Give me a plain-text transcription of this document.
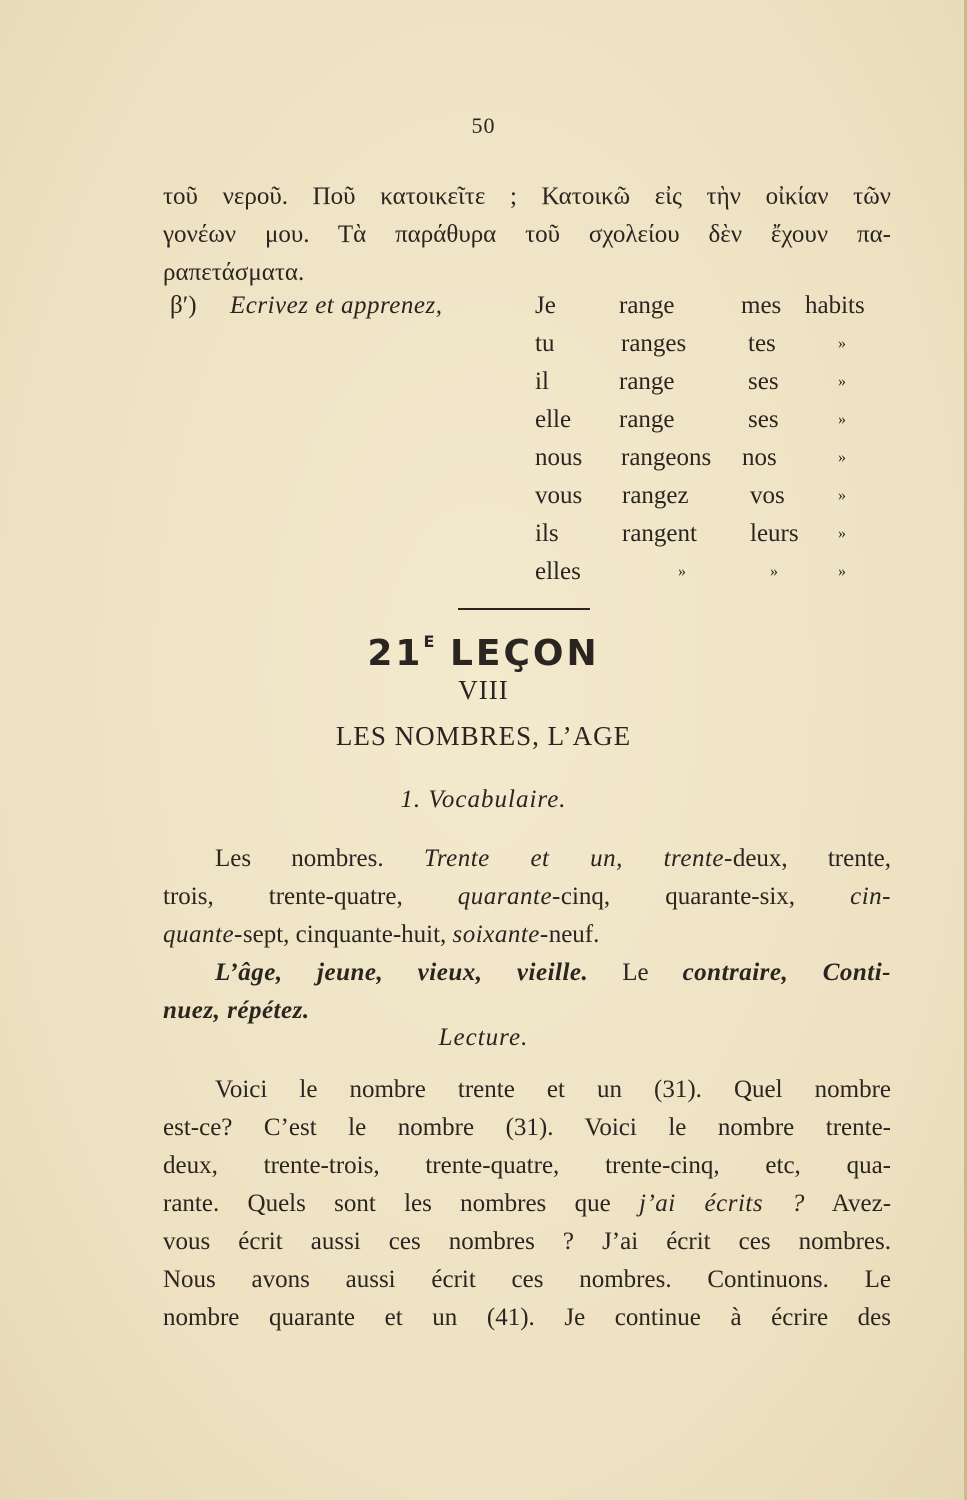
50
τοῦ νεροῦ. Ποῦ κατοικεῖτε ; Κατοικῶ εἰς τὴν οἰκίαν τῶν
γονέων μου. Τὰ παράθυρα τοῦ σχολείου δὲν ἔχουν πα-
ραπετάσματα.
β′) Ecrivez et apprenez,	Je	range	mes habits
tu	ranges tes	»
il	range	ses	»
elle range	ses	»
nous rangeons nos	»
vous rangez vos	»
ils	rangent leurs »
elles	»	»	»
$21^E$ LEÇON
VIII
LES NOMBRES, L’AGE
1. Vocabulaire.
Les nombres. Trente et un, trente-deux, trente,
trois, trente-quatre, quarante-cinq, quarante-six, cin-
quante-sept, cinquante-huit, soixante-neuf.
L’âge, jeune, vieux, vieille. Le contraire, Conti-
nuez, répétez.
Lecture.
Voici le nombre trente et un (31). Quel nombre
est-ce? C’est le nombre (31). Voici le nombre trente-
deux, trente-trois, trente-quatre, trente-cinq, etc, qua-
rante. Quels sont les nombres que j’ai écrits ? Avez-
vous écrit aussi ces nombres ? J’ai écrit ces nombres.
Nous avons aussi écrit ces nombres. Continuons. Le
nombre quarante et un (41). Je continue à écrire des
